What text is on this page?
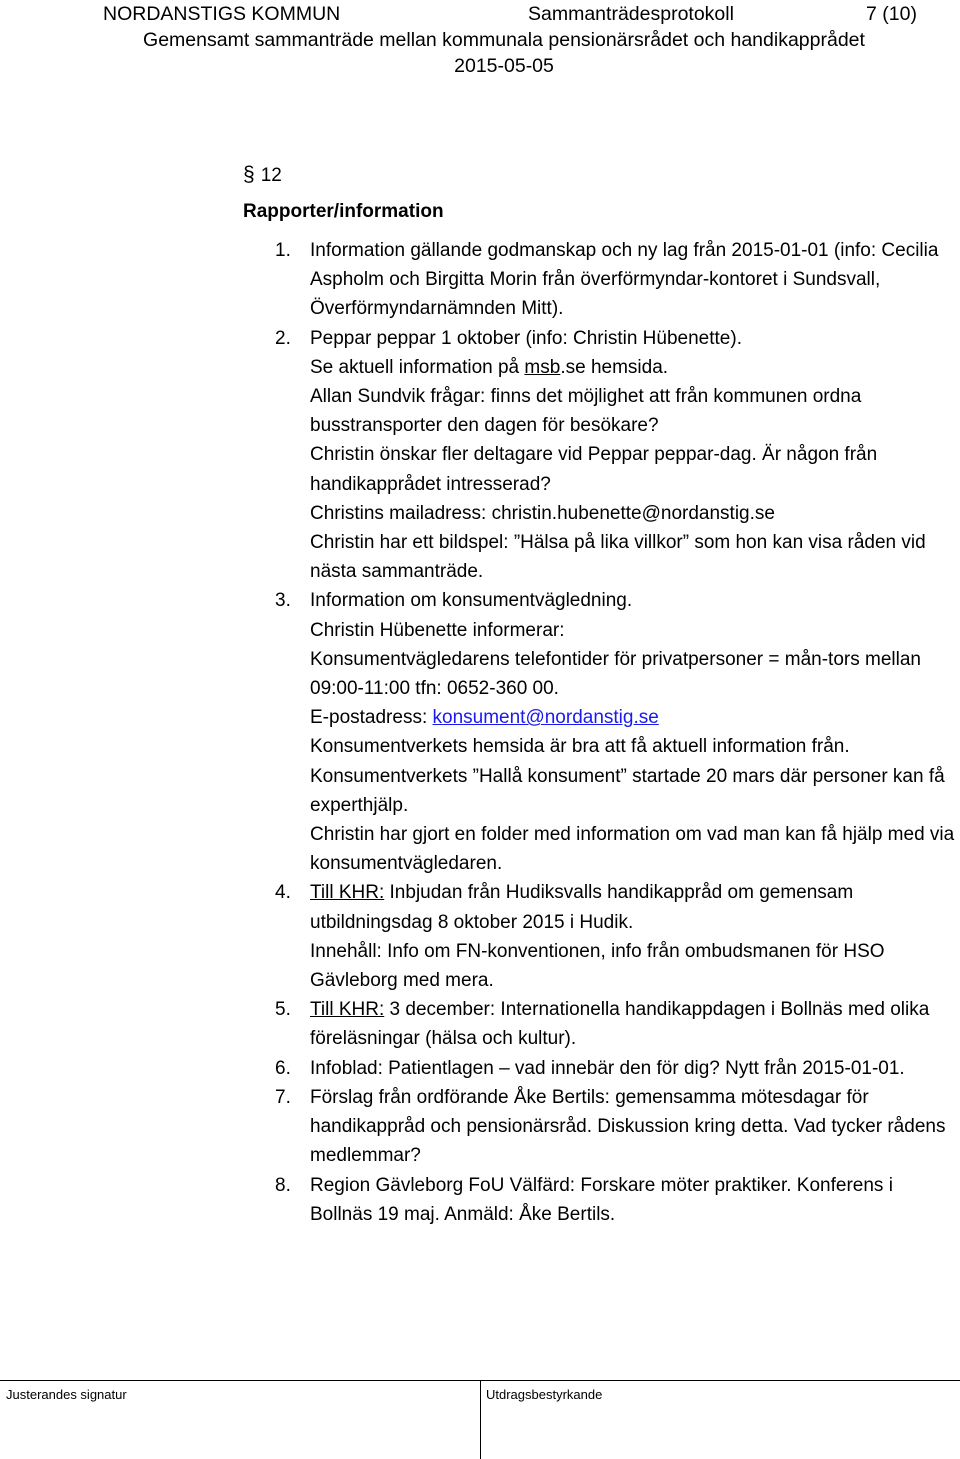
NORDANSTIGS KOMMUN	Sammanträdesprotokoll	7 (10)
Gemensamt sammanträde mellan kommunala pensionärsrådet och handikapprådet
2015-05-05
§ 12
Rapporter/information
1. Information gällande godmanskap och ny lag från 2015-01-01 (info: Cecilia Aspholm och Birgitta Morin från överförmyndar-kontoret i Sundsvall, Överförmyndarnämnden Mitt).
2. Peppar peppar 1 oktober (info: Christin Hübenette).
Se aktuell information på msb.se hemsida.
Allan Sundvik frågar: finns det möjlighet att från kommunen ordna busstransporter den dagen för besökare?
Christin önskar fler deltagare vid Peppar peppar-dag. Är någon från handikapprådet intresserad?
Christins mailadress: christin.hubenette@nordanstig.se
Christin har ett bildspel: ”Hälsa på lika villkor” som hon kan visa råden vid nästa sammanträde.
3. Information om konsumentvägledning.
Christin Hübenette informerar:
Konsumentvägledarens telefontider för privatpersoner = mån-tors mellan 09:00-11:00 tfn: 0652-360 00.
E-postadress: konsument@nordanstig.se
Konsumentverkets hemsida är bra att få aktuell information från.
Konsumentverkets ”Hallå konsument” startade 20 mars där personer kan få experthjälp.
Christin har gjort en folder med information om vad man kan få hjälp med via konsumentvägledaren.
4. Till KHR: Inbjudan från Hudiksvalls handikappråd om gemensam utbildningsdag 8 oktober 2015 i Hudik.
Innehåll: Info om FN-konventionen, info från ombudsmanen för HSO Gävleborg med mera.
5. Till KHR: 3 december: Internationella handikappdagen i Bollnäs med olika föreläsningar (hälsa och kultur).
6. Infoblad: Patientlagen – vad innebär den för dig? Nytt från 2015-01-01.
7. Förslag från ordförande Åke Bertils: gemensamma mötesdagar för handikappråd och pensionärsråd. Diskussion kring detta. Vad tycker rådens medlemmar?
8. Region Gävleborg FoU Välfärd: Forskare möter praktiker. Konferens i Bollnäs 19 maj. Anmäld: Åke Bertils.
Justerandes signatur	Utdragsbestyrkande
